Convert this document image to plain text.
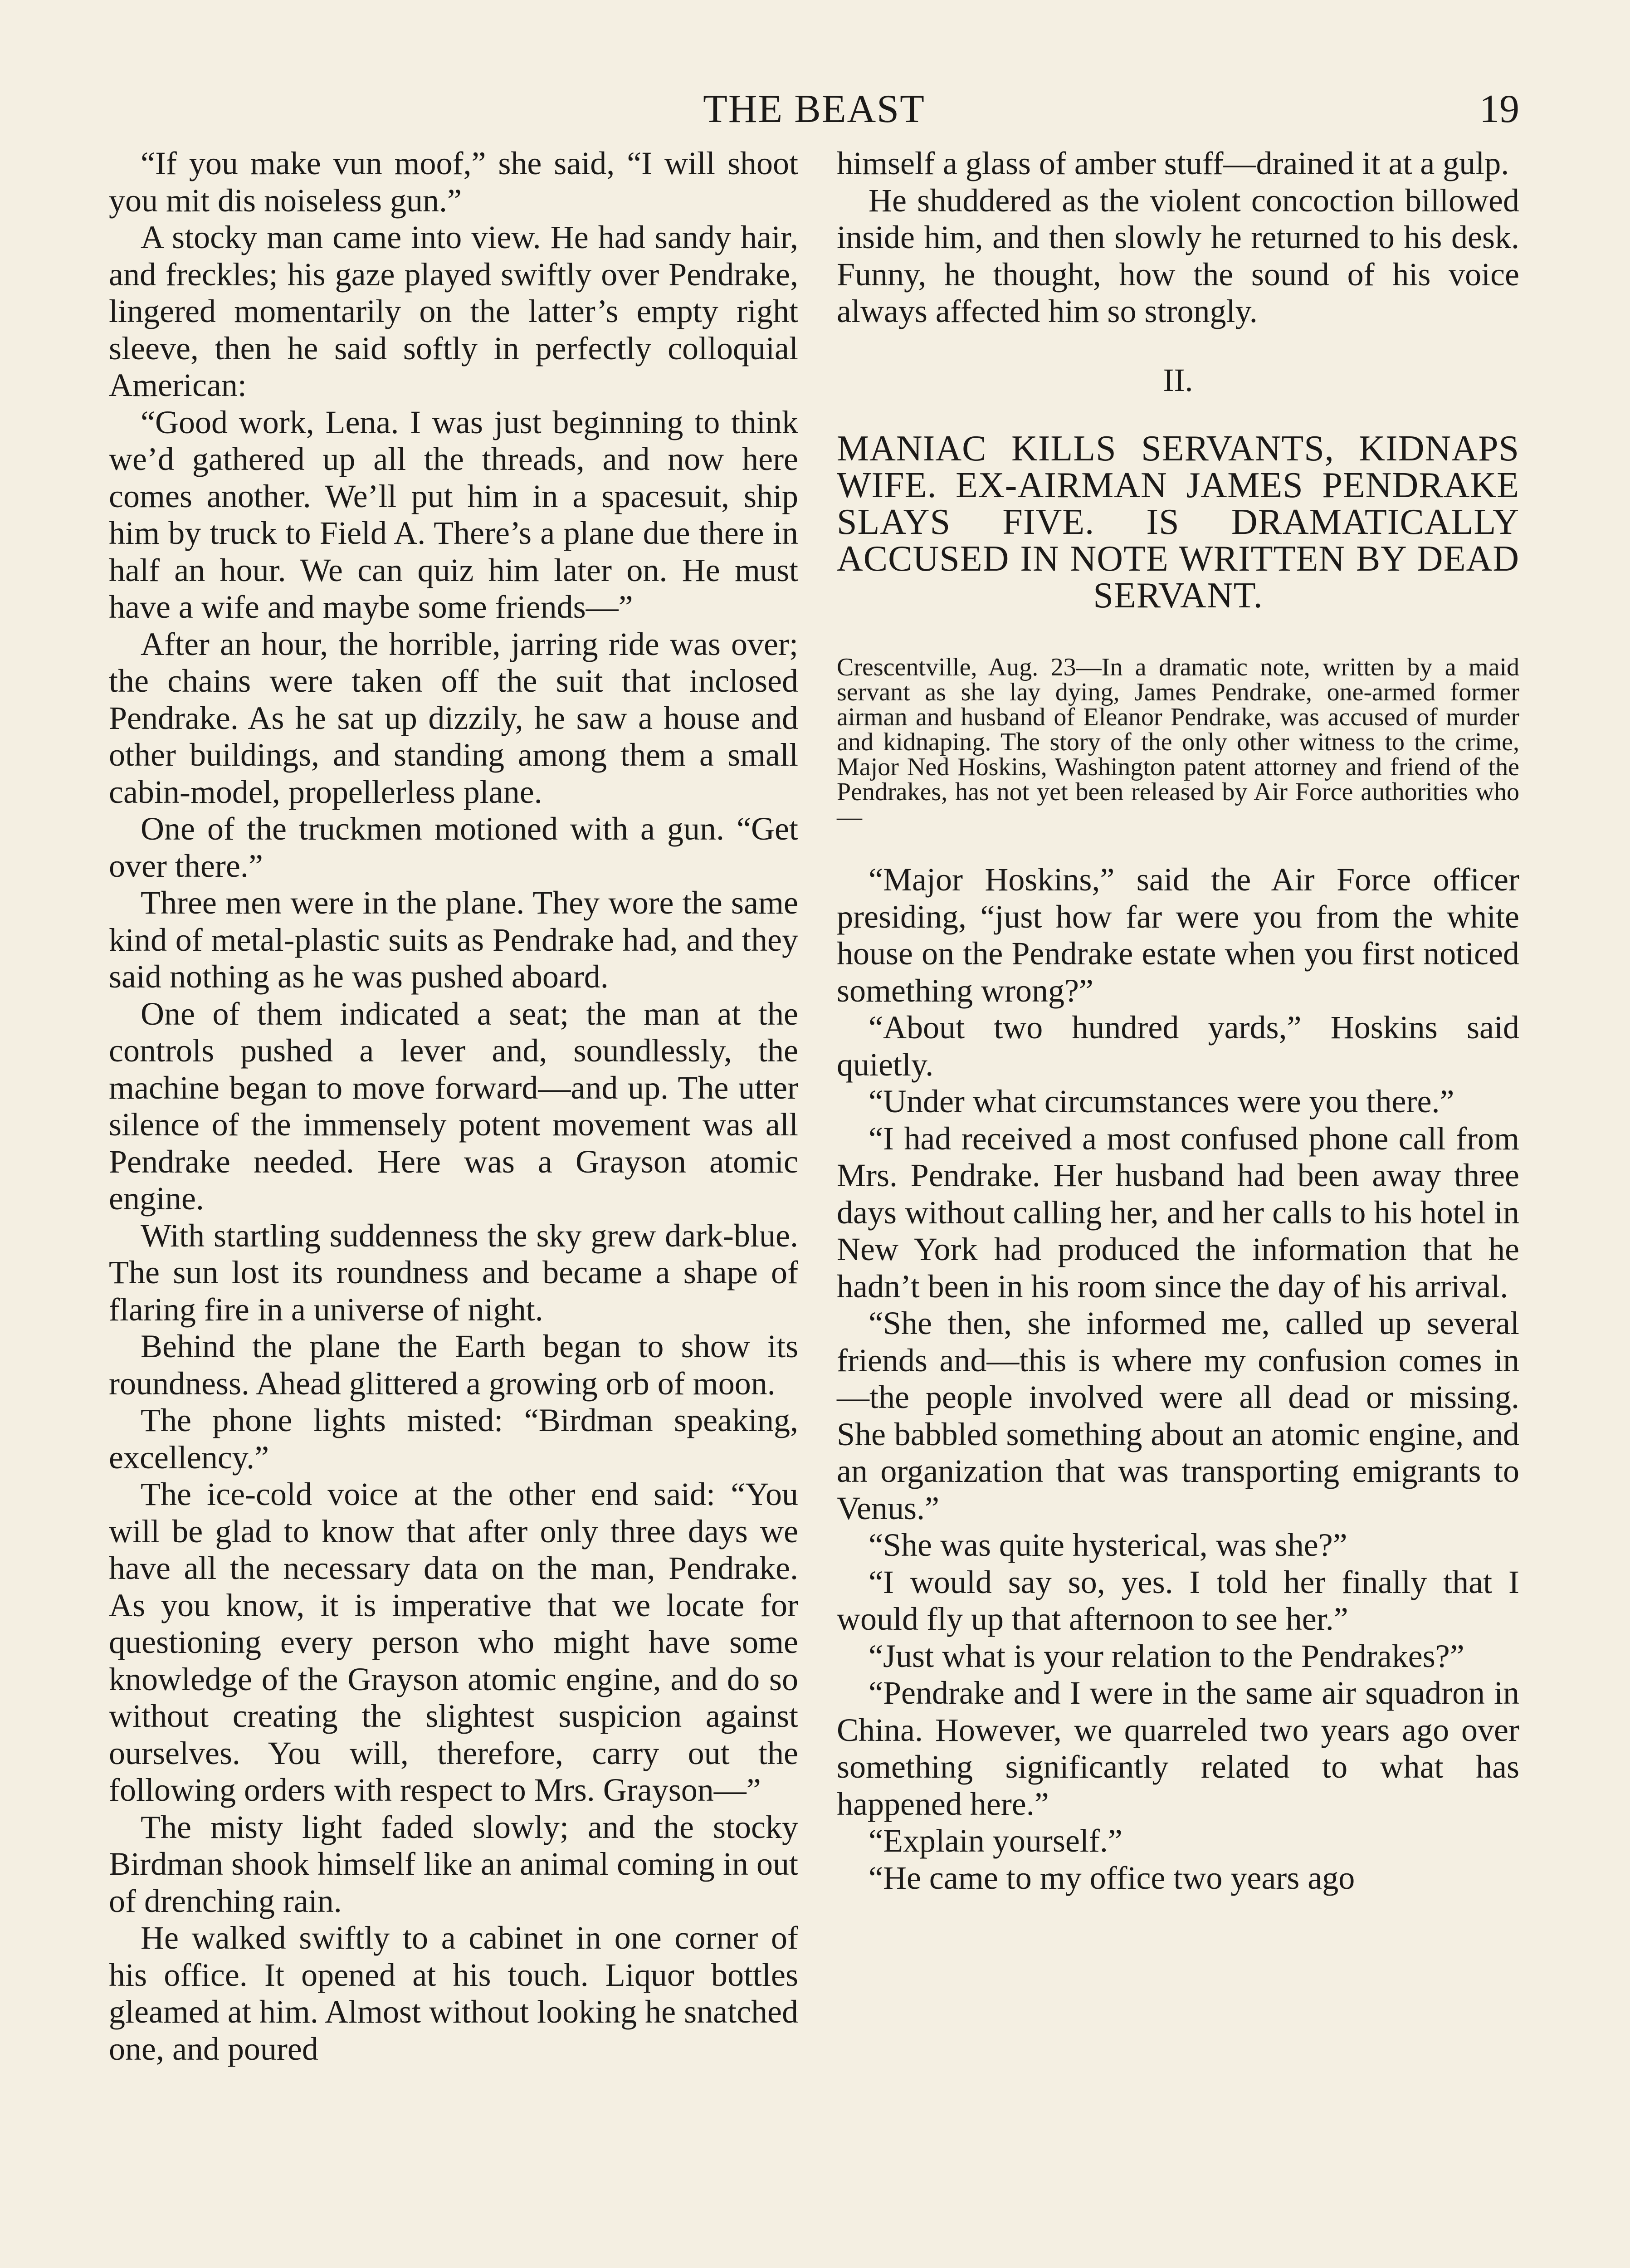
THE BEAST	19

“If you make vun moof,” she said, “I will shoot you mit dis noiseless gun.”

A stocky man came into view. He had sandy hair, and freckles; his gaze played swiftly over Pendrake, lingered momentarily on the latter’s empty right sleeve, then he said softly in perfectly colloquial American:

“Good work, Lena. I was just beginning to think we’d gathered up all the threads, and now here comes another. We’ll put him in a spacesuit, ship him by truck to Field A. There’s a plane due there in half an hour. We can quiz him later on. He must have a wife and maybe some friends—”

After an hour, the horrible, jarring ride was over; the chains were taken off the suit that inclosed Pendrake. As he sat up dizzily, he saw a house and other buildings, and standing among them a small cabin-model, propellerless plane.

One of the truckmen motioned with a gun. “Get over there.”

Three men were in the plane. They wore the same kind of metal-plastic suits as Pendrake had, and they said nothing as he was pushed aboard.

One of them indicated a seat; the man at the controls pushed a lever and, soundlessly, the machine began to move forward—and up. The utter silence of the immensely potent movement was all Pendrake needed. Here was a Grayson atomic engine.

With startling suddenness the sky grew dark-blue. The sun lost its roundness and became a shape of flaring fire in a universe of night.

Behind the plane the Earth began to show its roundness. Ahead glittered a growing orb of moon.

The phone lights misted: “Birdman speaking, excellency.”

The ice-cold voice at the other end said: “You will be glad to know that after only three days we have all the necessary data on the man, Pendrake. As you know, it is imperative that we locate for questioning every person who might have some knowledge of the Grayson atomic engine, and do so without creating the slightest suspicion against ourselves. You will, therefore, carry out the following orders with respect to Mrs. Grayson—”

The misty light faded slowly; and the stocky Birdman shook himself like an animal coming in out of drenching rain.

He walked swiftly to a cabinet in one corner of his office. It opened at his touch. Liquor bottles gleamed at him. Almost without looking he snatched one, and poured

himself a glass of amber stuff—drained it at a gulp.

He shuddered as the violent concoction billowed inside him, and then slowly he returned to his desk. Funny, he thought, how the sound of his voice always affected him so strongly.

II.

MANIAC KILLS SERVANTS, KIDNAPS WIFE. EX-AIRMAN JAMES PENDRAKE SLAYS FIVE. IS DRAMATICALLY ACCUSED IN NOTE WRITTEN BY DEAD SERVANT.

Crescentville, Aug. 23—In a dramatic note, written by a maid servant as she lay dying, James Pendrake, one-armed former airman and husband of Eleanor Pendrake, was accused of murder and kidnaping. The story of the only other witness to the crime, Major Ned Hoskins, Washington patent attorney and friend of the Pendrakes, has not yet been released by Air Force authorities who—

“Major Hoskins,” said the Air Force officer presiding, “just how far were you from the white house on the Pendrake estate when you first noticed something wrong?”

“About two hundred yards,” Hoskins said quietly.

“Under what circumstances were you there.”

“I had received a most confused phone call from Mrs. Pendrake. Her husband had been away three days without calling her, and her calls to his hotel in New York had produced the information that he hadn’t been in his room since the day of his arrival.

“She then, she informed me, called up several friends and—this is where my confusion comes in—the people involved were all dead or missing. She babbled something about an atomic engine, and an organization that was transporting emigrants to Venus.”

“She was quite hysterical, was she?”

“I would say so, yes. I told her finally that I would fly up that afternoon to see her.”

“Just what is your relation to the Pendrakes?”

“Pendrake and I were in the same air squadron in China. However, we quarreled two years ago over something significantly related to what has happened here.”

“Explain yourself.”

“He came to my office two years ago
